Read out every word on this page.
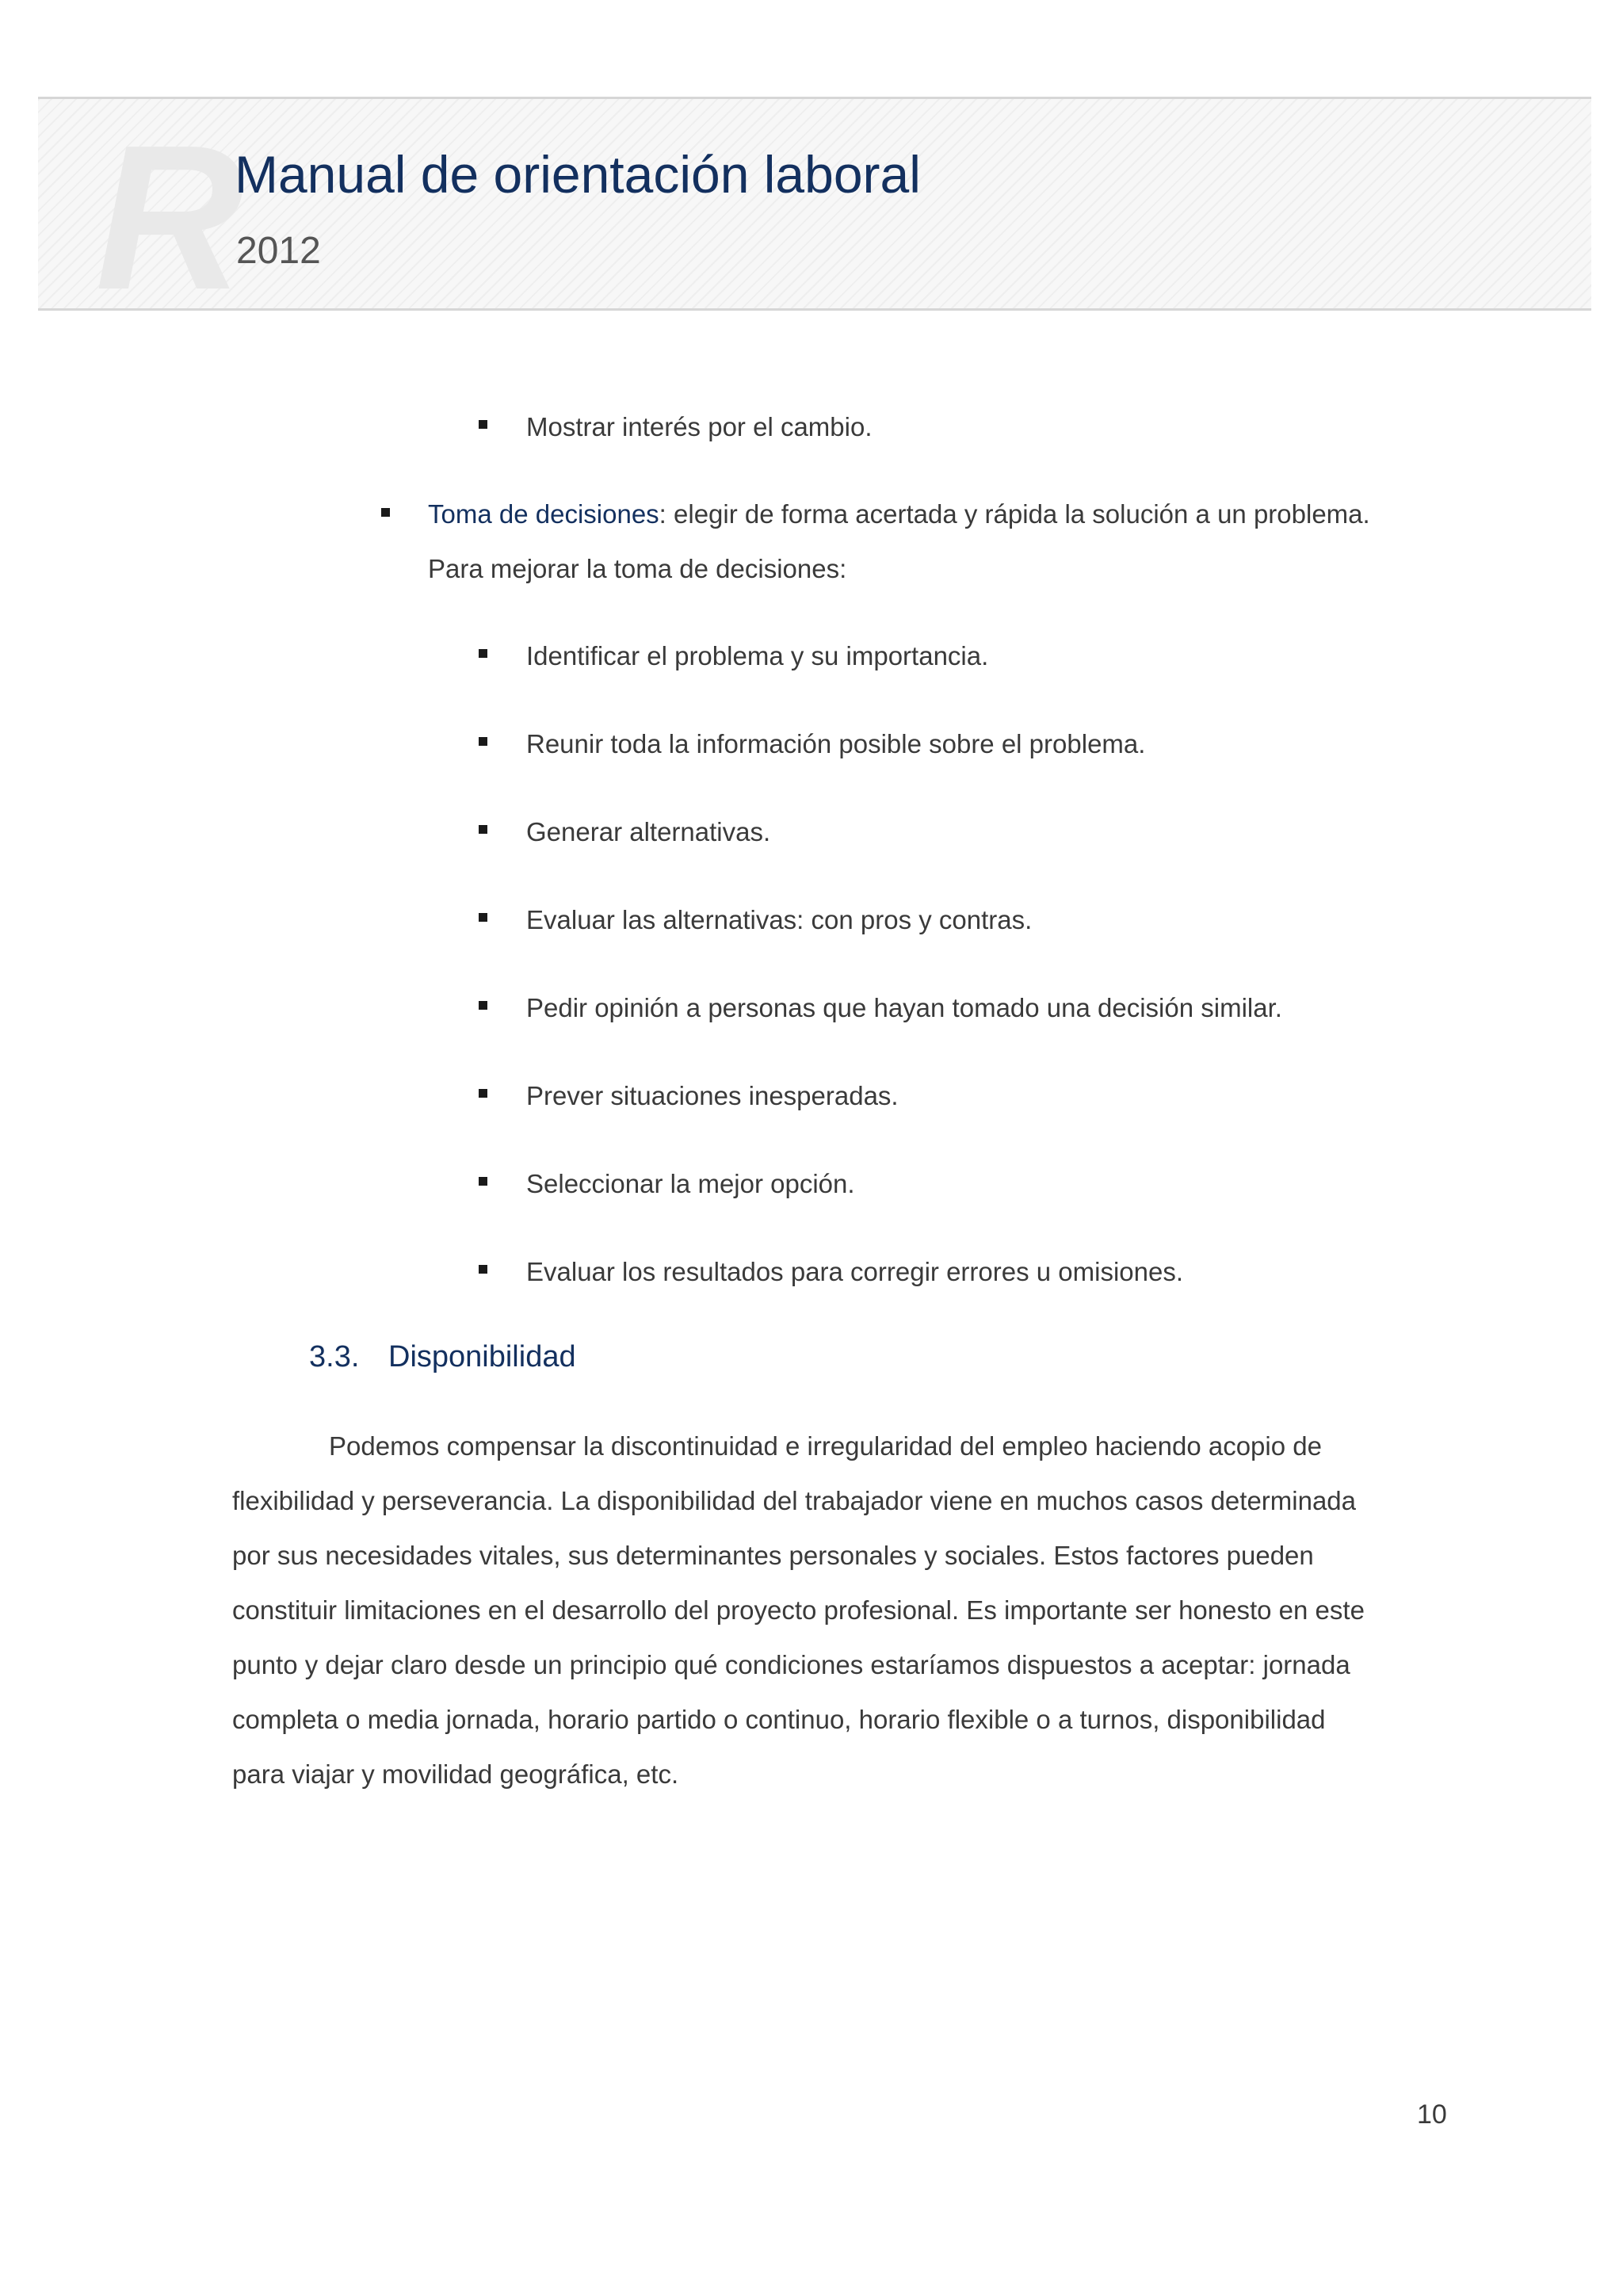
R
Manual de orientación laboral
2012
Mostrar interés por el cambio.
Toma de decisiones: elegir de forma acertada y rápida la solución a un problema.
Para mejorar la toma de decisiones:
Identificar el problema y su importancia.
Reunir toda la información posible sobre el problema.
Generar alternativas.
Evaluar las alternativas: con pros y contras.
Pedir opinión a personas que hayan tomado una decisión similar.
Prever situaciones inesperadas.
Seleccionar la mejor opción.
Evaluar los resultados para corregir errores u omisiones.
3.3. Disponibilidad
Podemos compensar la discontinuidad e irregularidad del empleo haciendo acopio de
flexibilidad y perseverancia. La disponibilidad del trabajador viene en muchos casos determinada
por sus necesidades vitales, sus determinantes personales y sociales. Estos factores pueden
constituir limitaciones en el desarrollo del proyecto profesional. Es importante ser honesto en este
punto y dejar claro desde un principio qué condiciones estaríamos dispuestos a aceptar: jornada
completa o media jornada, horario partido o continuo, horario flexible o a turnos, disponibilidad
para viajar y movilidad geográfica, etc.
10
